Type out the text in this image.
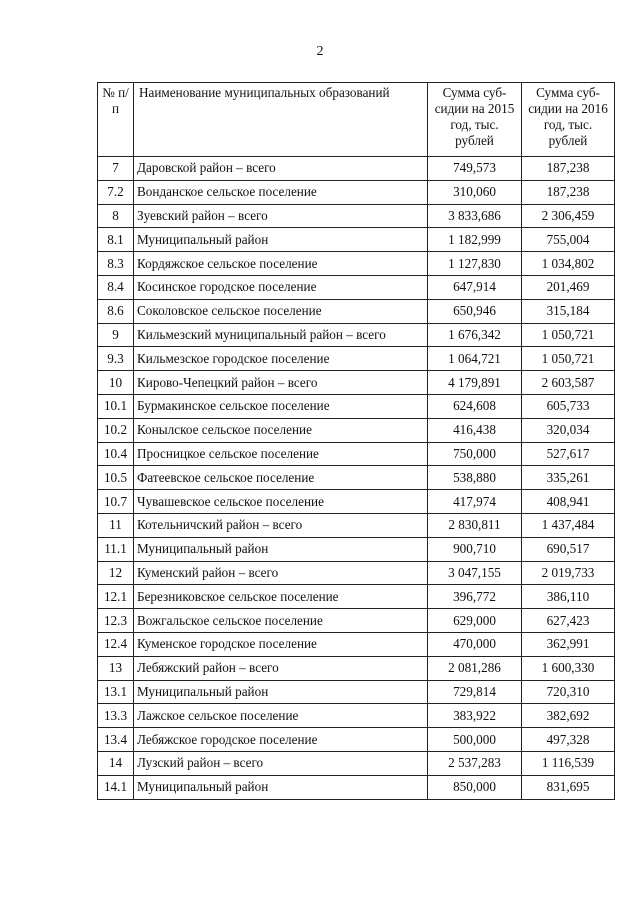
2
№ п/п	Наименование муниципальных образований	Сумма суб-сидии на 2015 год, тыс. рублей	Сумма суб-сидии на 2016 год, тыс. рублей
7	Даровской район – всего	749,573	187,238
7.2	Вонданское сельское поселение	310,060	187,238
8	Зуевский район – всего	3 833,686	2 306,459
8.1	Муниципальный район	1 182,999	755,004
8.3	Кордяжское сельское поселение	1 127,830	1 034,802
8.4	Косинское городское поселение	647,914	201,469
8.6	Соколовское сельское поселение	650,946	315,184
9	Кильмезский муниципальный район – всего	1 676,342	1 050,721
9.3	Кильмезское городское поселение	1 064,721	1 050,721
10	Кирово-Чепецкий район – всего	4 179,891	2 603,587
10.1	Бурмакинское сельское поселение	624,608	605,733
10.2	Конылское сельское поселение	416,438	320,034
10.4	Просницкое сельское поселение	750,000	527,617
10.5	Фатеевское сельское поселение	538,880	335,261
10.7	Чувашевское сельское поселение	417,974	408,941
11	Котельничский район – всего	2 830,811	1 437,484
11.1	Муниципальный район	900,710	690,517
12	Куменский район – всего	3 047,155	2 019,733
12.1	Березниковское сельское поселение	396,772	386,110
12.3	Вожгальское сельское поселение	629,000	627,423
12.4	Куменское городское поселение	470,000	362,991
13	Лебяжский район – всего	2 081,286	1 600,330
13.1	Муниципальный район	729,814	720,310
13.3	Лажское сельское поселение	383,922	382,692
13.4	Лебяжское городское поселение	500,000	497,328
14	Лузский район – всего	2 537,283	1 116,539
14.1	Муниципальный район	850,000	831,695
